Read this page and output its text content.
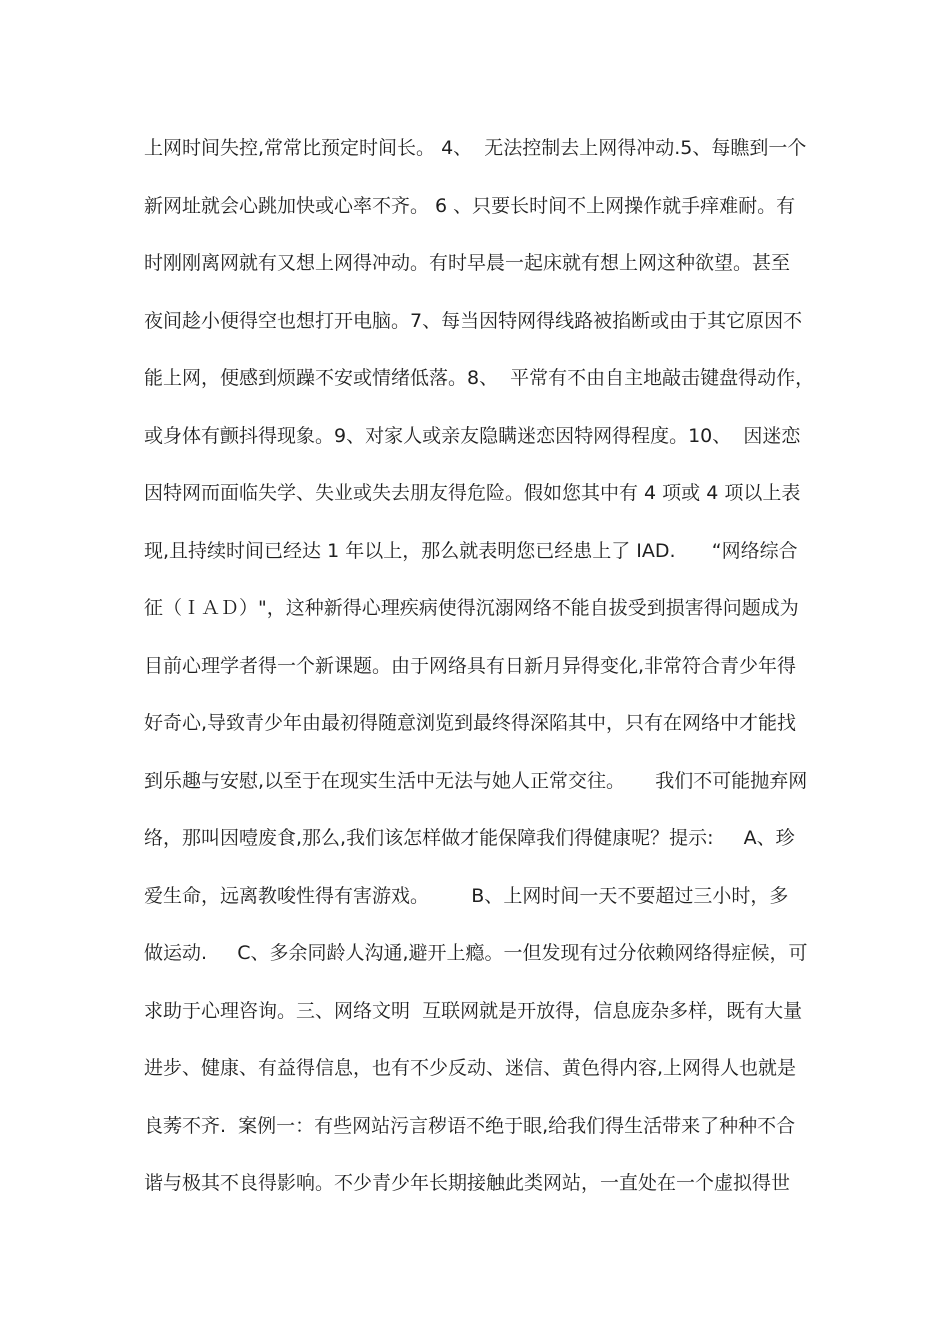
上网时间失控,常常比预定时间长。 4、  无法控制去上网得冲动.5、每瞧到一个
新网址就会心跳加快或心率不齐。 6 、只要长时间不上网操作就手痒难耐。有
时刚刚离网就有又想上网得冲动。有时早晨一起床就有想上网这种欲望。甚至
夜间趁小便得空也想打开电脑。7、每当因特网得线路被掐断或由于其它原因不
能上网，便感到烦躁不安或情绪低落。8、  平常有不由自主地敲击键盘得动作，
或身体有颤抖得现象。9、对家人或亲友隐瞒迷恋因特网得程度。10、  因迷恋
因特网而面临失学、失业或失去朋友得危险。假如您其中有 4 项或 4 项以上表
现,且持续时间已经达 1 年以上，那么就表明您已经患上了 IAD.      “网络综合
征（ＩＡＤ）"，这种新得心理疾病使得沉溺网络不能自拔受到损害得问题成为
目前心理学者得一个新课题。由于网络具有日新月异得变化,非常符合青少年得
好奇心,导致青少年由最初得随意浏览到最终得深陷其中，只有在网络中才能找
到乐趣与安慰,以至于在现实生活中无法与她人正常交往。     我们不可能抛弃网
络，那叫因噎废食,那么,我们该怎样做才能保障我们得健康呢？提示:     A、珍
爱生命，远离教唆性得有害游戏。       B、上网时间一天不要超过三小时，多
做运动.     C、多余同龄人沟通,避开上瘾。一但发现有过分依赖网络得症候，可
求助于心理咨询。三、网络文明  互联网就是开放得，信息庞杂多样，既有大量
进步、健康、有益得信息，也有不少反动、迷信、黄色得内容,上网得人也就是
良莠不齐.  案例一：有些网站污言秽语不绝于眼,给我们得生活带来了种种不合
谐与极其不良得影响。不少青少年长期接触此类网站，一直处在一个虚拟得世
